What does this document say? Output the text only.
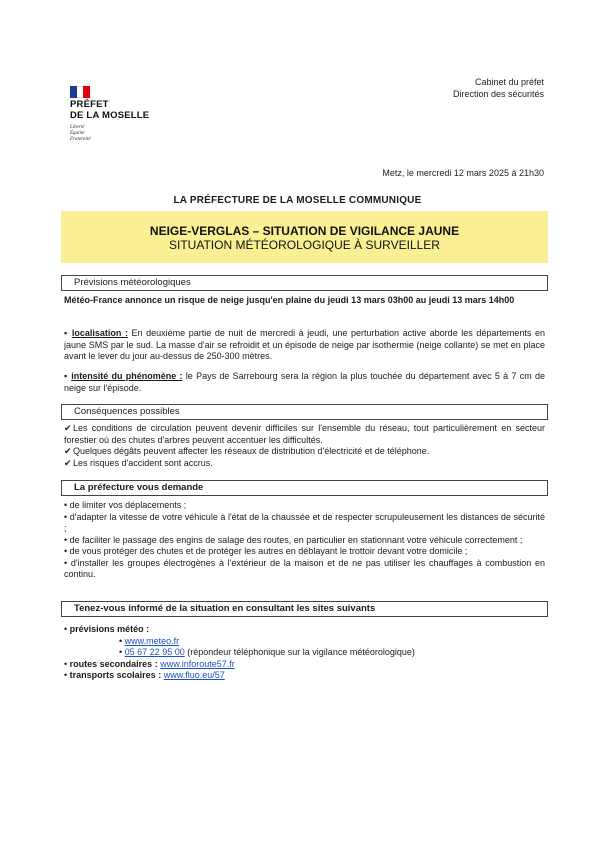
PRÉFET
DE LA MOSELLE
Liberté
Égalité
Fraternité
Cabinet du préfet
Direction des sécurités
Metz, le mercredi 12 mars 2025 à 21h30
LA PRÉFECTURE DE LA MOSELLE COMMUNIQUE
NEIGE-VERGLAS – SITUATION DE VIGILANCE JAUNE
SITUATION MÉTÉOROLOGIQUE À SURVEILLER
Prévisions météorologiques
Météo-France annonce un risque de neige jusqu'en plaine du jeudi 13 mars 03h00 au jeudi 13 mars 14h00
▪ localisation : En deuxième partie de nuit de mercredi à jeudi, une perturbation active aborde les départements en jaune SMS par le sud. La masse d'air se refroidit et un épisode de neige par isothermie (neige collante) se met en place avant le lever du jour au-dessus de 250-300 mètres.
▪ intensité du phénomène : le Pays de Sarrebourg sera la région la plus touchée du département avec 5 à 7 cm de neige sur l'épisode.
Conséquences possibles
✔Les conditions de circulation peuvent devenir difficiles sur l'ensemble du réseau, tout particulièrement en secteur forestier où des chutes d'arbres peuvent accentuer les difficultés.
✔Quelques dégâts peuvent affecter les réseaux de distribution d'électricité et de téléphone.
✔Les risques d'accident sont accrus.
La préfecture vous demande
• de limiter vos déplacements ;
• d'adapter la vitesse de votre véhicule à l'état de la chaussée et de respecter scrupuleusement les distances de sécurité ;
• de faciliter le passage des engins de salage des routes, en particulier en stationnant votre véhicule correctement ;
• de vous protéger des chutes et de protéger les autres en déblayant le trottoir devant votre domicile ;
• d'installer les groupes électrogènes à l'extérieur de la maison et de ne pas utiliser les chauffages à combustion en continu.
Tenez-vous informé de la situation en consultant les sites suivants
• prévisions météo :
• www.meteo.fr
• 05 67 22 95 00 (répondeur téléphonique sur la vigilance météorologique)
• routes secondaires : www.inforoute57.fr
• transports scolaires : www.fluo.eu/57
